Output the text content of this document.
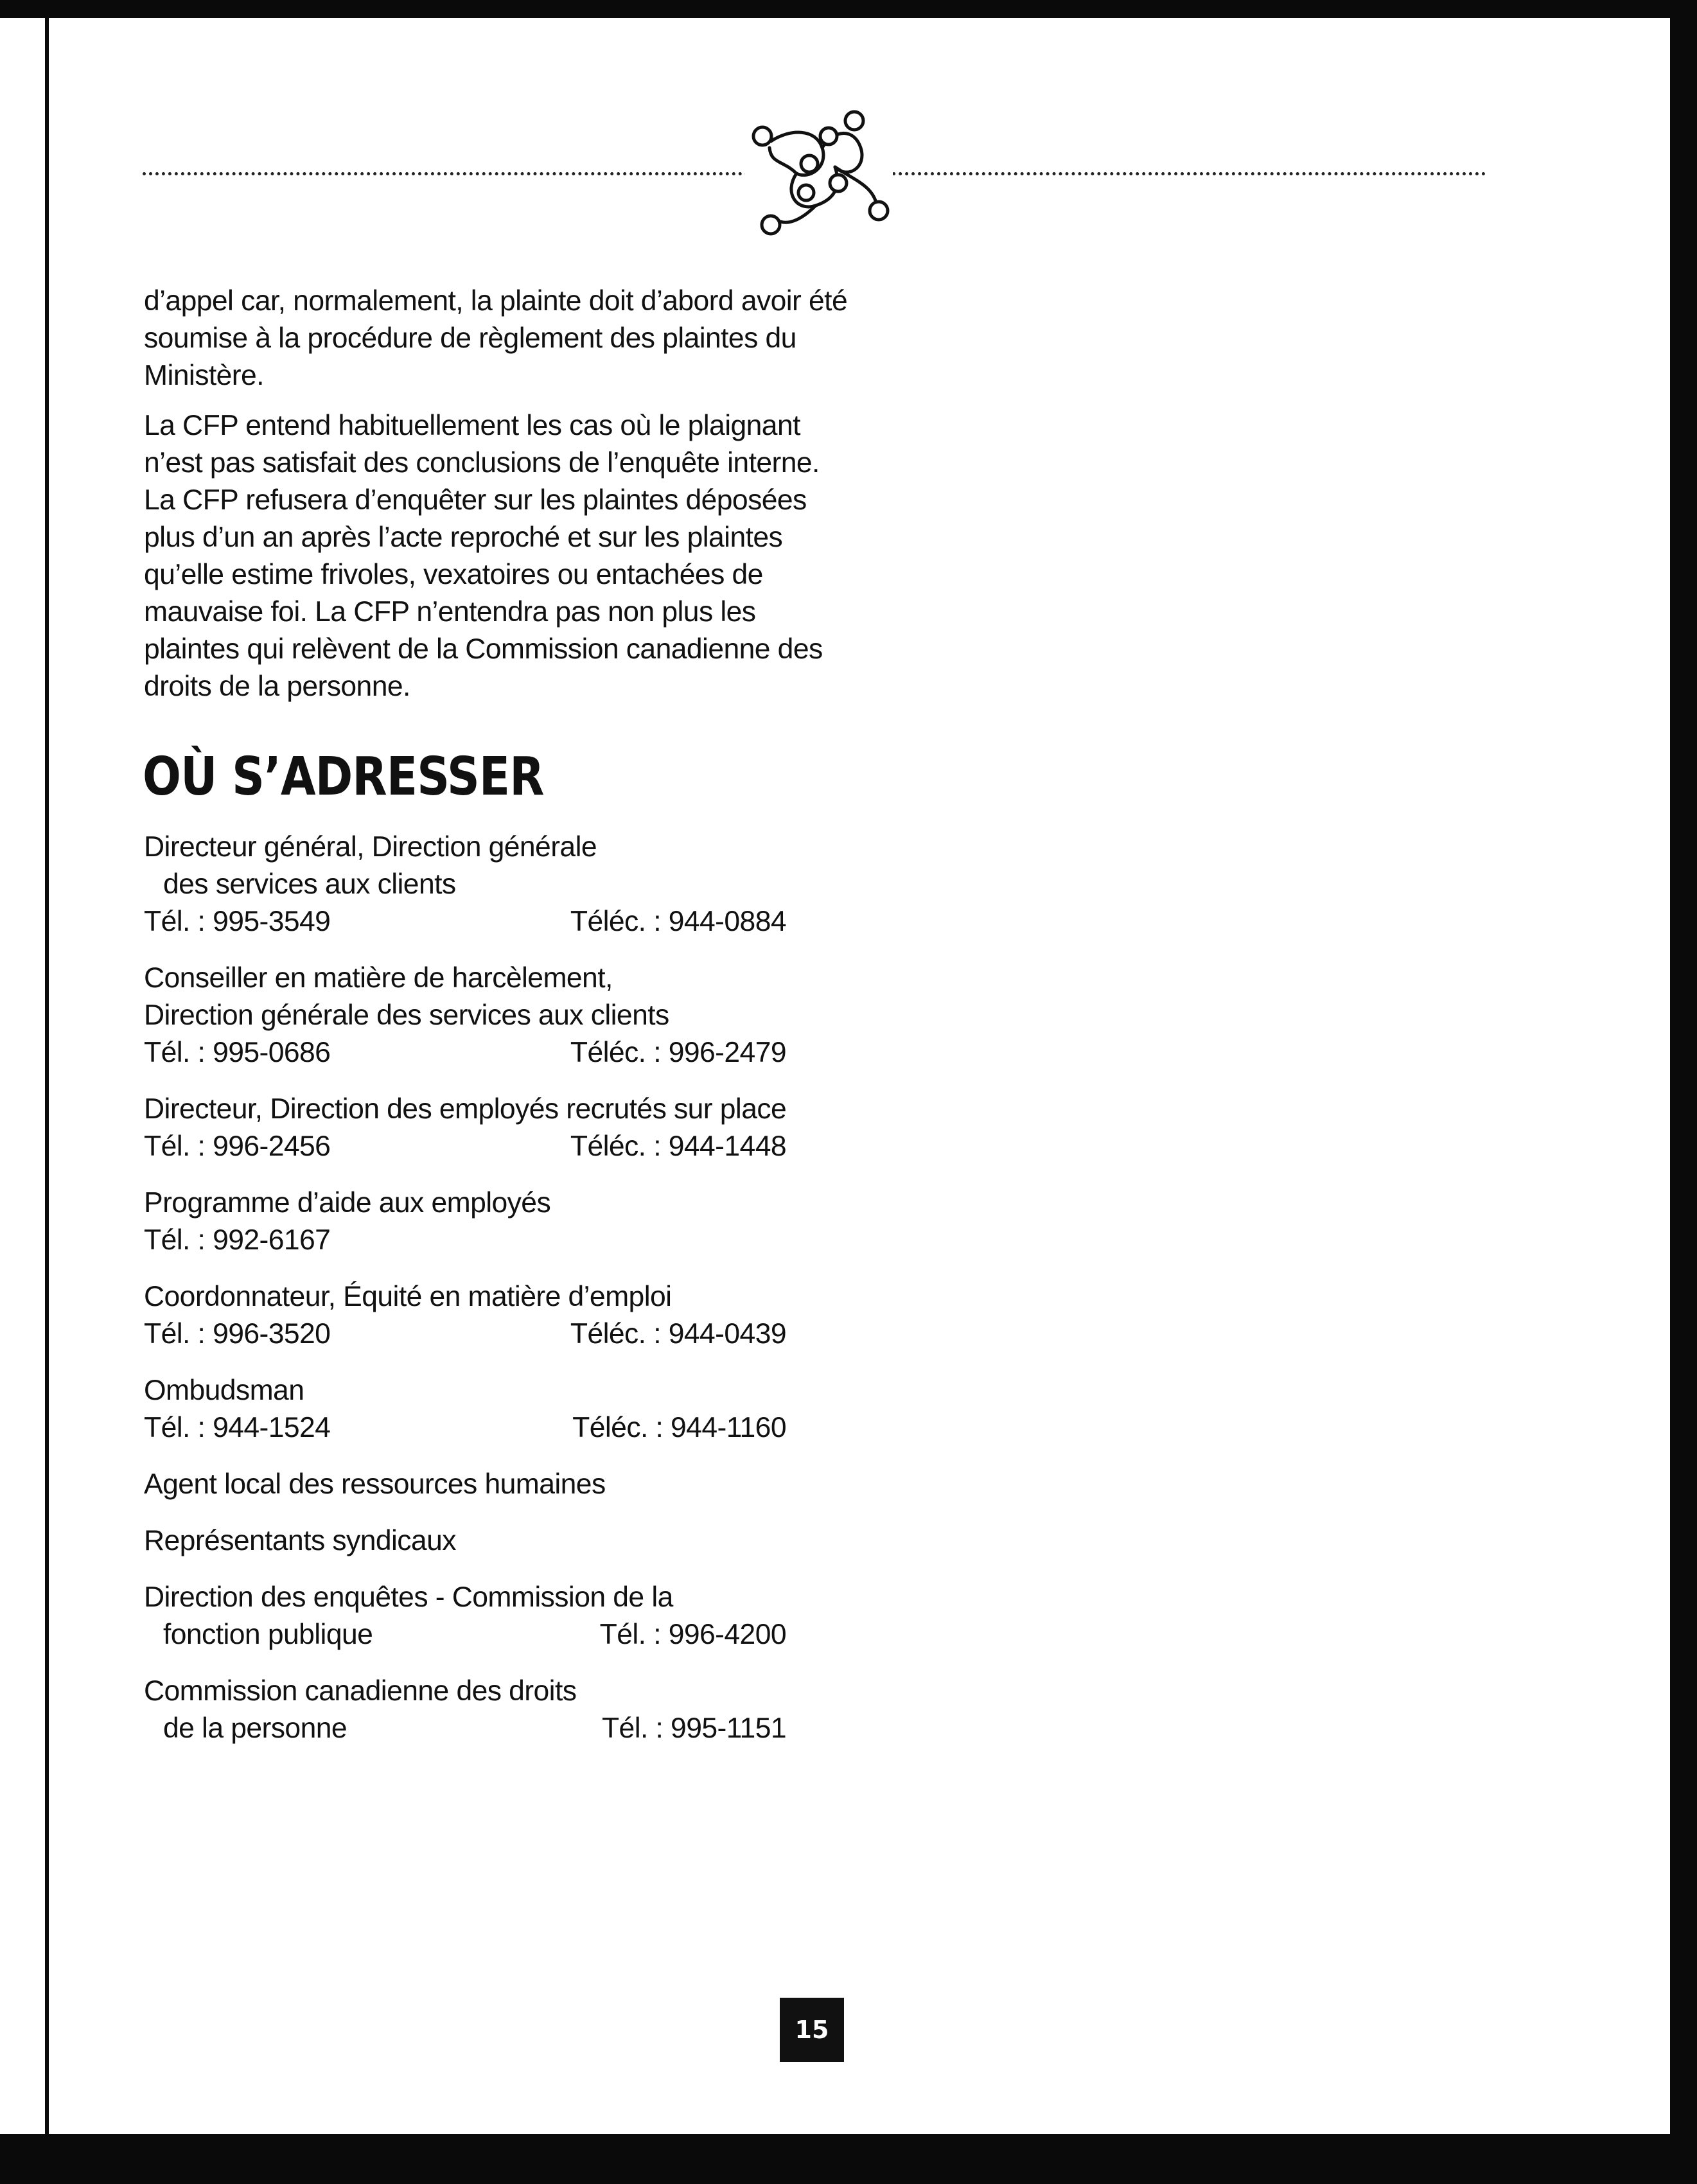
d’appel car, normalement, la plainte doit d’abord avoir été soumise à la procédure de règlement des plaintes du Ministère.

La CFP entend habituellement les cas où le plaignant n’est pas satisfait des conclusions de l’enquête interne. La CFP refusera d’enquêter sur les plaintes déposées plus d’un an après l’acte reproché et sur les plaintes qu’elle estime frivoles, vexatoires ou entachées de mauvaise foi. La CFP n’entendra pas non plus les plaintes qui relèvent de la Commission canadienne des droits de la personne.

OÙ S’ADRESSER
Directeur général, Direction générale
des services aux clients
Tél. : 995-3549	Téléc. : 944-0884
Conseiller en matière de harcèlement,
Direction générale des services aux clients
Tél. : 995-0686	Téléc. : 996-2479
Directeur, Direction des employés recrutés sur place
Tél. : 996-2456	Téléc. : 944-1448
Programme d’aide aux employés
Tél. : 992-6167
Coordonnateur, Équité en matière d’emploi
Tél. : 996-3520	Téléc. : 944-0439
Ombudsman
Tél. : 944-1524	Téléc. : 944-1160
Agent local des ressources humaines
Représentants syndicaux
Direction des enquêtes - Commission de la
fonction publique	Tél. : 996-4200
Commission canadienne des droits
de la personne	Tél. : 995-1151
15
